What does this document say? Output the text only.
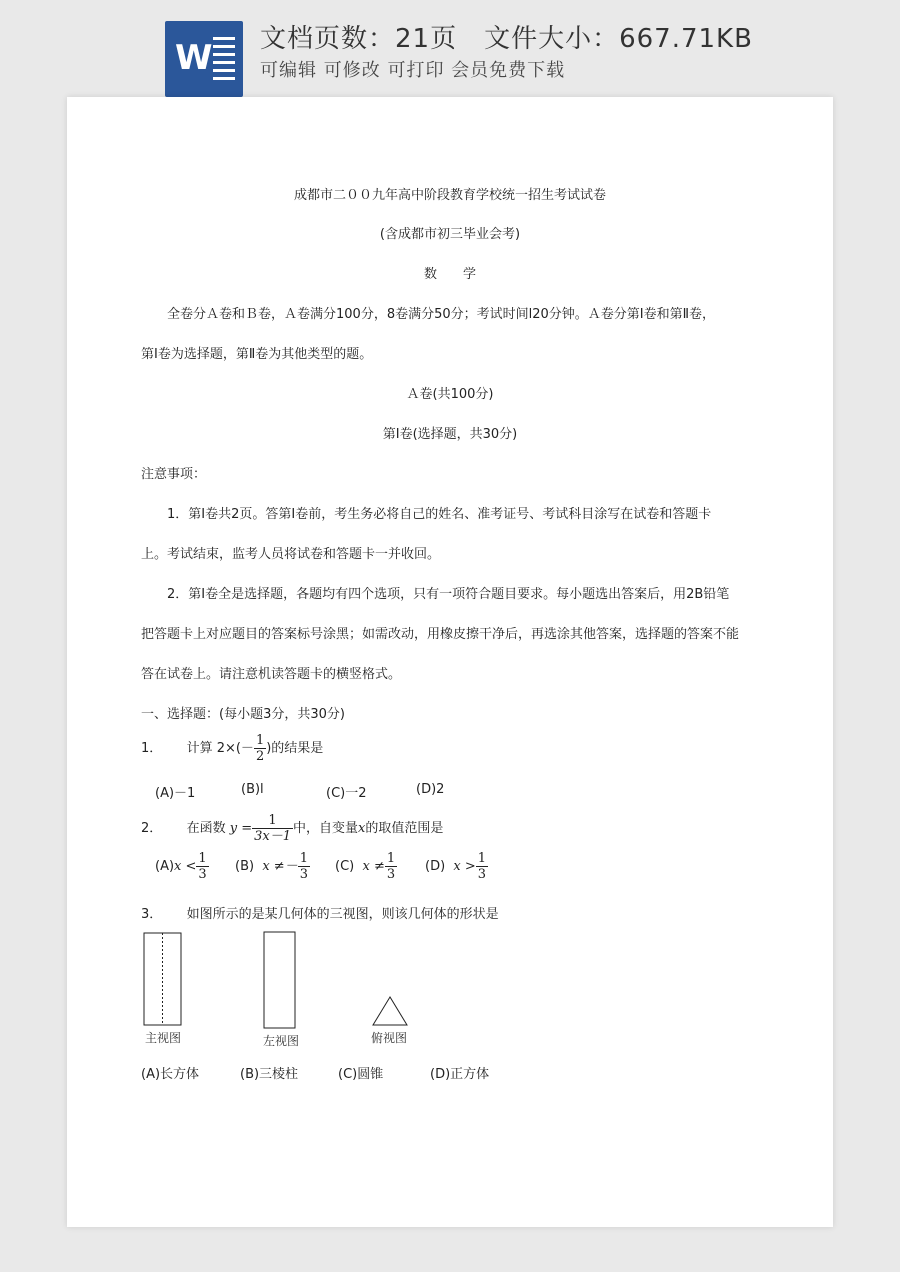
W 文档页数：21页　文件大小：667.71KB
可编辑 可修改 可打印 会员免费下载
成都市二００九年高中阶段教育学校统一招生考试试卷
(含成都市初三毕业会考)
数　　学
全卷分Ａ卷和Ｂ卷，Ａ卷满分100分，8卷满分50分；考试时间l20分钟。Ａ卷分第Ⅰ卷和第Ⅱ卷，
第Ⅰ卷为选择题，第Ⅱ卷为其他类型的题。
Ａ卷(共100分)
第Ⅰ卷(选择题，共30分)
注意事项：
1．第Ⅰ卷共2页。答第Ⅰ卷前，考生务必将自己的姓名、准考证号、考试科目涂写在试卷和答题卡
上。考试结束，监考人员将试卷和答题卡一并收回。
2．第Ⅰ卷全是选择题，各题均有四个选项，只有一项符合题目要求。每小题选出答案后，用2B铅笔
把答题卡上对应题目的答案标号涂黑；如需改动，用橡皮擦干净后，再选涂其他答案，选择题的答案不能
答在试卷上。请注意机读答题卡的横竖格式。
一、选择题：(每小题3分，共30分)
1． 计算 $2\times(- \frac{1}{2}$ )的结果是
(A)－1	(B)l	(C)一2	(D)2
2． 在函数 $y = \frac{1}{3x-1}$ 中，自变量x的取值范围是
$(A)x < \frac{1}{3} (B) x \ne- \frac{1}{3} (C) x \ne \frac{1}{3} (D) x > \frac{1}{3}$
3． 如图所示的是某几何体的三视图，则该几何体的形状是
主视图	左视图	俯视图
(A)长方体	(B)三棱柱	(C)圆锥	(D)正方体
